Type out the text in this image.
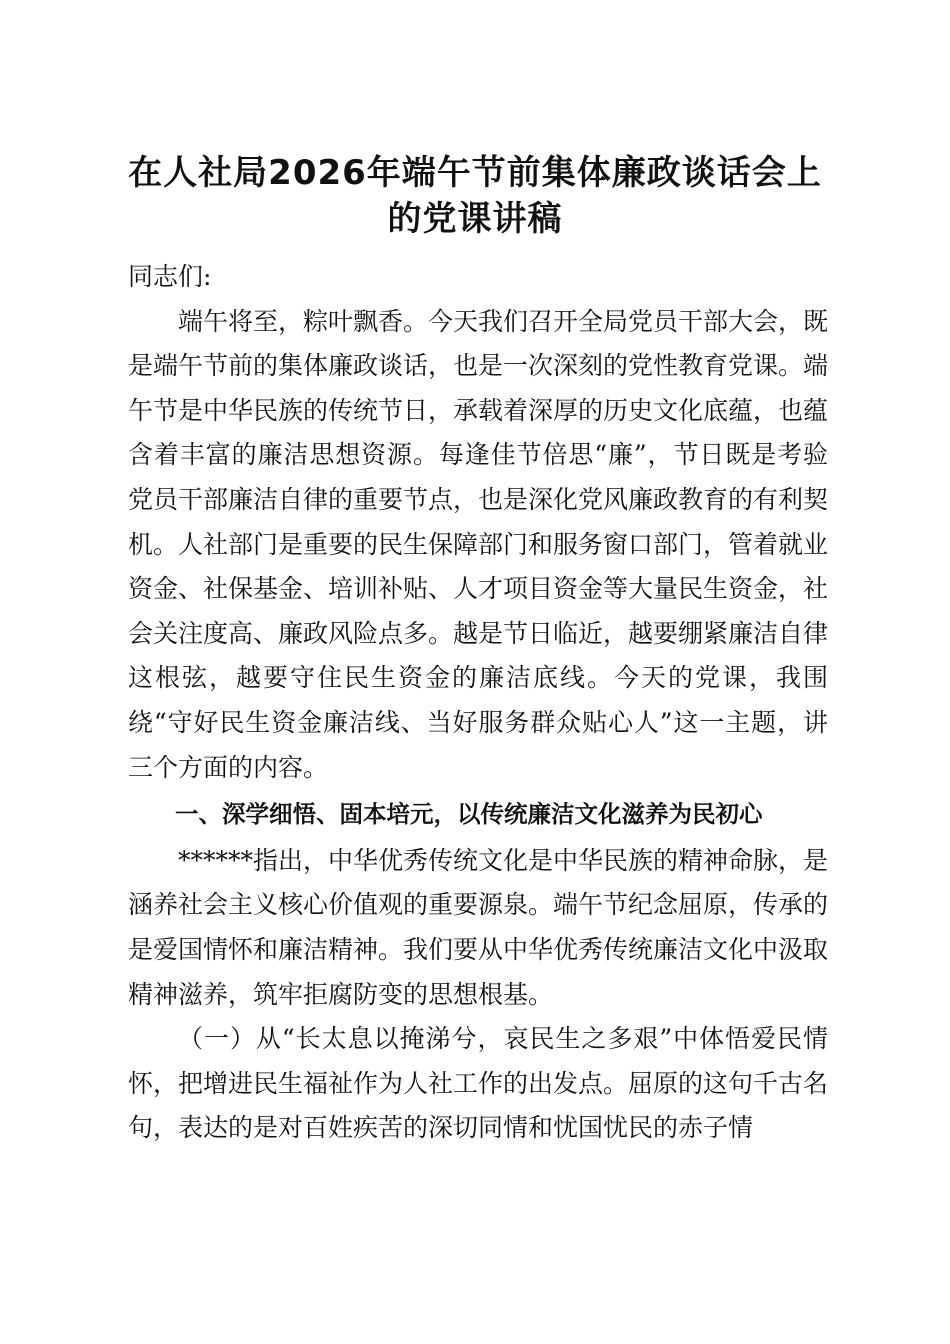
在人社局2026年端午节前集体廉政谈话会上
的党课讲稿

同志们:

端午将至，粽叶飘香。今天我们召开全局党员干部大会，既是端午节前的集体廉政谈话，也是一次深刻的党性教育党课。端午节是中华民族的传统节日，承载着深厚的历史文化底蕴，也蕴含着丰富的廉洁思想资源。每逢佳节倍思“廉”，节日既是考验党员干部廉洁自律的重要节点，也是深化党风廉政教育的有利契机。人社部门是重要的民生保障部门和服务窗口部门，管着就业资金、社保基金、培训补贴、人才项目资金等大量民生资金，社会关注度高、廉政风险点多。越是节日临近，越要绷紧廉洁自律这根弦，越要守住民生资金的廉洁底线。今天的党课，我围绕“守好民生资金廉洁线、当好服务群众贴心人”这一主题，讲三个方面的内容。

一、深学细悟、固本培元，以传统廉洁文化滋养为民初心

******指出，中华优秀传统文化是中华民族的精神命脉，是涵养社会主义核心价值观的重要源泉。端午节纪念屈原，传承的是爱国情怀和廉洁精神。我们要从中华优秀传统廉洁文化中汲取精神滋养，筑牢拒腐防变的思想根基。

（一）从“长太息以掩涕兮，哀民生之多艰”中体悟爱民情怀，把增进民生福祉作为人社工作的出发点。屈原的这句千古名句，表达的是对百姓疾苦的深切同情和忧国忧民的赤子情
